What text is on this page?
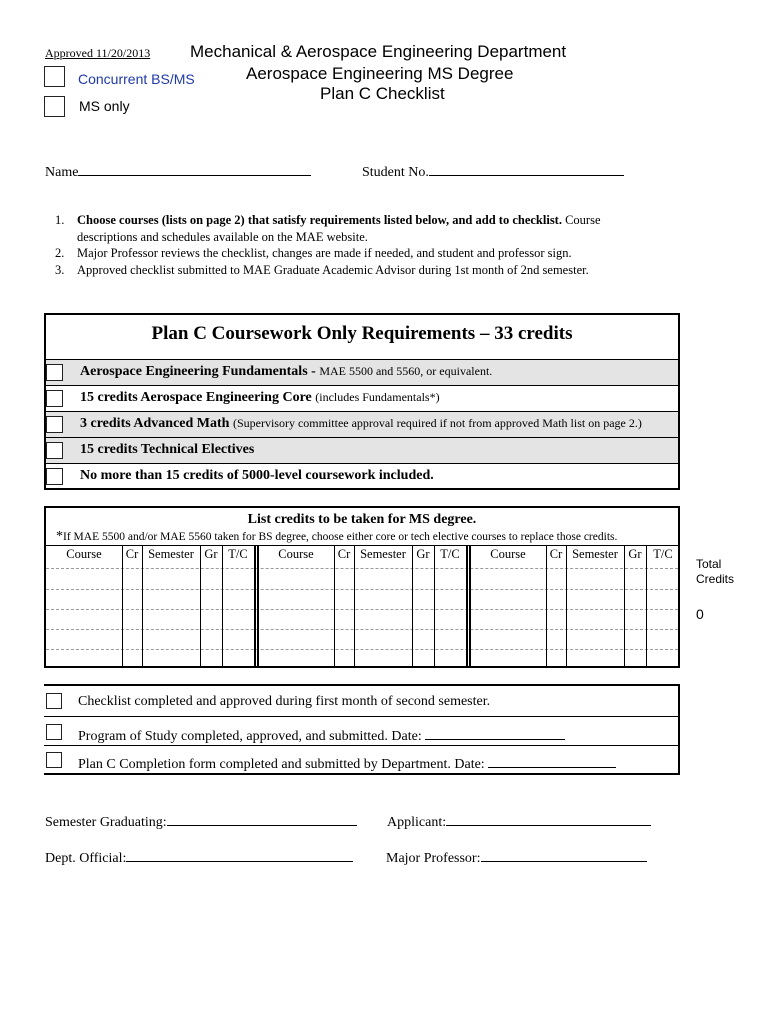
Approved 11/20/2013 Mechanical & Aerospace Engineering Department
Aerospace Engineering MS Degree
Plan C Checklist
Concurrent BS/MS
MS only
Name	Student No.
1. Choose courses (lists on page 2) that satisfy requirements listed below, and add to checklist. Course
descriptions and schedules available on the MAE website.
2. Major Professor reviews the checklist, changes are made if needed, and student and professor sign.
3. Approved checklist submitted to MAE Graduate Academic Advisor during 1st month of 2nd semester.
Plan C Coursework Only Requirements – 33 credits
Aerospace Engineering Fundamentals - MAE 5500 and 5560, or equivalent.
15 credits Aerospace Engineering Core (includes Fundamentals*)
3 credits Advanced Math (Supervisory committee approval required if not from approved Math list on page 2.)
15 credits Technical Electives
No more than 15 credits of 5000-level coursework included.
List credits to be taken for MS degree.
*If MAE 5500 and/or MAE 5560 taken for BS degree, choose either core or tech elective courses to replace those credits.
Course	Cr Semester Gr T/C	Course	Cr Semester Gr T/C	Course	Cr Semester Gr T/C
Total
Credits
0
Checklist completed and approved during first month of second semester.
Program of Study completed, approved, and submitted. Date:
Plan C Completion form completed and submitted by Department. Date:
Semester Graduating:	Applicant:
Dept. Official:	Major Professor:
